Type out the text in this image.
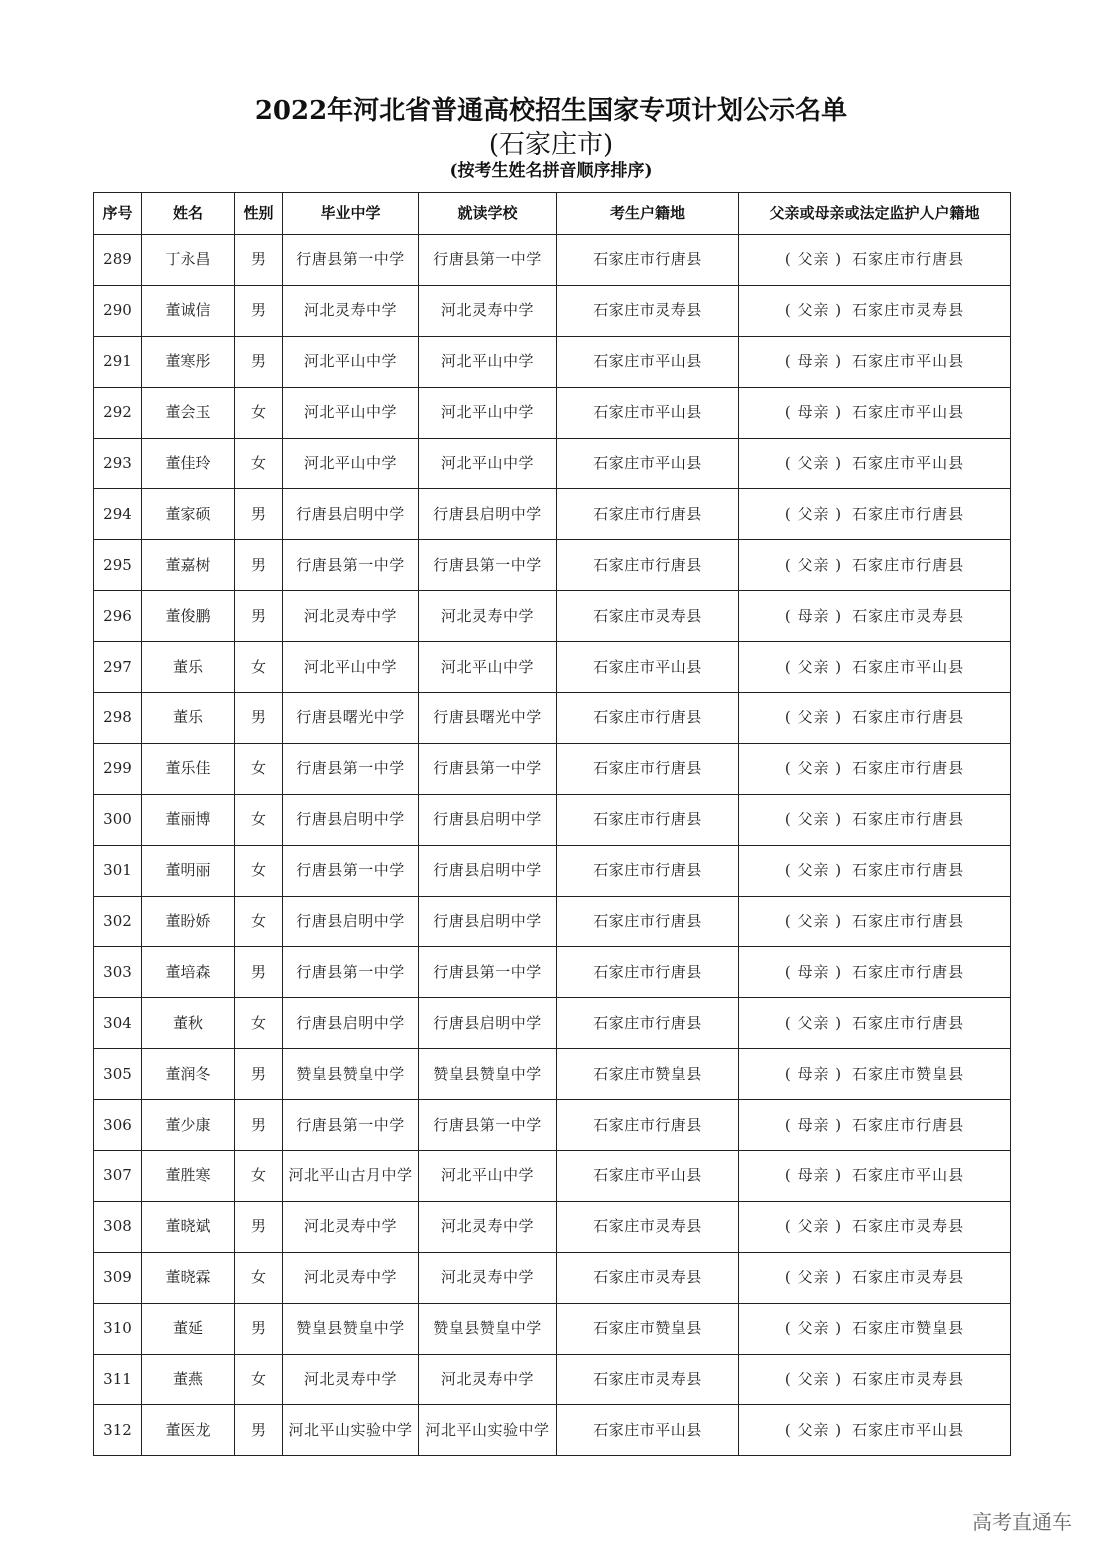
2022年河北省普通高校招生国家专项计划公示名单
(石家庄市)
(按考生姓名拼音顺序排序)
序号	姓名	性别	毕业中学	就读学校	考生户籍地	父亲或母亲或法定监护人户籍地
289	丁永昌	男	行唐县第一中学	行唐县第一中学	石家庄市行唐县	( 父亲 ) 石家庄市行唐县
290	董诚信	男	河北灵寿中学	河北灵寿中学	石家庄市灵寿县	( 父亲 ) 石家庄市灵寿县
291	董寒彤	男	河北平山中学	河北平山中学	石家庄市平山县	( 母亲 ) 石家庄市平山县
292	董会玉	女	河北平山中学	河北平山中学	石家庄市平山县	( 母亲 ) 石家庄市平山县
293	董佳玲	女	河北平山中学	河北平山中学	石家庄市平山县	( 父亲 ) 石家庄市平山县
294	董家硕	男	行唐县启明中学	行唐县启明中学	石家庄市行唐县	( 父亲 ) 石家庄市行唐县
295	董嘉树	男	行唐县第一中学	行唐县第一中学	石家庄市行唐县	( 父亲 ) 石家庄市行唐县
296	董俊鹏	男	河北灵寿中学	河北灵寿中学	石家庄市灵寿县	( 母亲 ) 石家庄市灵寿县
297	董乐	女	河北平山中学	河北平山中学	石家庄市平山县	( 父亲 ) 石家庄市平山县
298	董乐	男	行唐县曙光中学	行唐县曙光中学	石家庄市行唐县	( 父亲 ) 石家庄市行唐县
299	董乐佳	女	行唐县第一中学	行唐县第一中学	石家庄市行唐县	( 父亲 ) 石家庄市行唐县
300	董丽博	女	行唐县启明中学	行唐县启明中学	石家庄市行唐县	( 父亲 ) 石家庄市行唐县
301	董明丽	女	行唐县第一中学	行唐县启明中学	石家庄市行唐县	( 父亲 ) 石家庄市行唐县
302	董盼娇	女	行唐县启明中学	行唐县启明中学	石家庄市行唐县	( 父亲 ) 石家庄市行唐县
303	董培森	男	行唐县第一中学	行唐县第一中学	石家庄市行唐县	( 母亲 ) 石家庄市行唐县
304	董秋	女	行唐县启明中学	行唐县启明中学	石家庄市行唐县	( 父亲 ) 石家庄市行唐县
305	董润冬	男	赞皇县赞皇中学	赞皇县赞皇中学	石家庄市赞皇县	( 母亲 ) 石家庄市赞皇县
306	董少康	男	行唐县第一中学	行唐县第一中学	石家庄市行唐县	( 母亲 ) 石家庄市行唐县
307	董胜寒	女	河北平山古月中学	河北平山中学	石家庄市平山县	( 母亲 ) 石家庄市平山县
308	董晓斌	男	河北灵寿中学	河北灵寿中学	石家庄市灵寿县	( 父亲 ) 石家庄市灵寿县
309	董晓霖	女	河北灵寿中学	河北灵寿中学	石家庄市灵寿县	( 父亲 ) 石家庄市灵寿县
310	董延	男	赞皇县赞皇中学	赞皇县赞皇中学	石家庄市赞皇县	( 父亲 ) 石家庄市赞皇县
311	董燕	女	河北灵寿中学	河北灵寿中学	石家庄市灵寿县	( 父亲 ) 石家庄市灵寿县
312	董医龙	男	河北平山实验中学	河北平山实验中学	石家庄市平山县	( 父亲 ) 石家庄市平山县
高考直通车
